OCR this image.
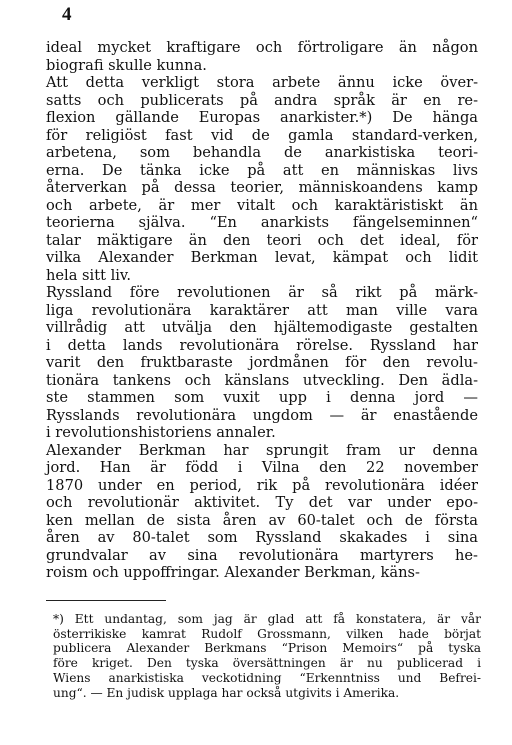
4
ideal mycket kraftigare och förtroligare än någon
biografi skulle kunna.
Att detta verkligt stora arbete ännu icke över-
satts och publicerats på andra språk är en re-
flexion gällande Europas anarkister.*) De hänga
för religiöst fast vid de gamla standard-verken,
arbetena, som behandla de anarkistiska teori-
erna. De tänka icke på att en människas livs
återverkan på dessa teorier, människoandens kamp
och arbete, är mer vitalt och karaktäristiskt än
teorierna själva. “En anarkists fängelseminnen“
talar mäktigare än den teori och det ideal, för
vilka Alexander Berkman levat, kämpat och lidit
hela sitt liv.
Ryssland före revolutionen är så rikt på märk-
liga revolutionära karaktärer att man ville vara
villrådig att utvälja den hjältemodigaste gestalten
i detta lands revolutionära rörelse. Ryssland har
varit den fruktbaraste jordmånen för den revolu-
tionära tankens och känslans utveckling. Den ädla-
ste stammen som vuxit upp i denna jord —
Rysslands revolutionära ungdom — är enastående
i revolutionshistoriens annaler.
Alexander Berkman har sprungit fram ur denna
jord. Han är född i Vilna den 22 november
1870 under en period, rik på revolutionära idéer
och revolutionär aktivitet. Ty det var under epo-
ken mellan de sista åren av 60-talet och de första
åren av 80-talet som Ryssland skakades i sina
grundvalar av sina revolutionära martyrers he-
roism och uppoffringar. Alexander Berkman, käns-
*) Ett undantag, som jag är glad att få konstatera, är vår
österrikiske kamrat Rudolf Grossmann, vilken hade börjat
publicera Alexander Berkmans “Prison Memoirs“ på tyska
före kriget. Den tyska översättningen är nu publicerad i
Wiens anarkistiska veckotidning “Erkenntniss und Befrei-
ung“. — En judisk upplaga har också utgivits i Amerika.
